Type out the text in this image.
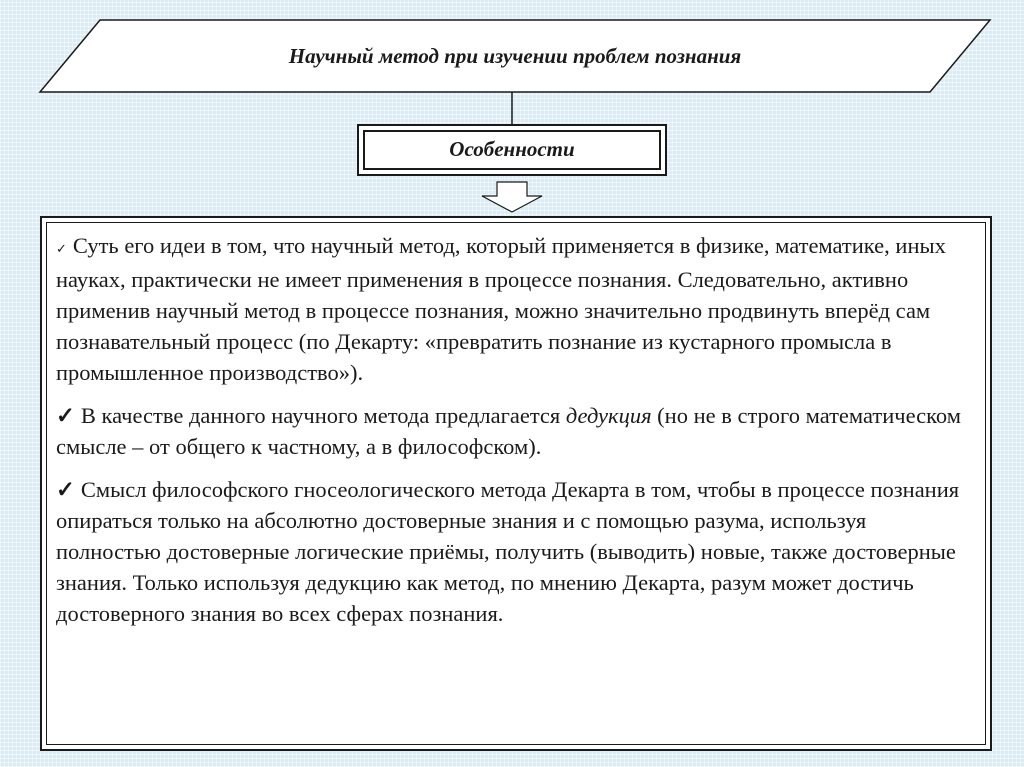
Научный метод при изучении проблем познания
Особенности

✓ Суть его идеи в том, что научный метод, который применяется в физике, математике, иных науках, практически не имеет применения в процессе познания. Следовательно, активно применив научный метод в процессе познания, можно значительно продвинуть вперёд сам познавательный процесс (по Декарту: «превратить познание из кустарного промысла в промышленное производство»).

✓ В качестве данного научного метода предлагается дедукция (но не в строго математическом смысле – от общего к частному, а в философском).

✓ Смысл философского гносеологического метода Декарта в том, чтобы в процессе познания опираться только на абсолютно достоверные знания и с помощью разума, используя полностью достоверные логические приёмы, получить (выводить) новые, также достоверные знания. Только используя дедукцию как метод, по мнению Декарта, разум может достичь достоверного знания во всех сферах познания.
